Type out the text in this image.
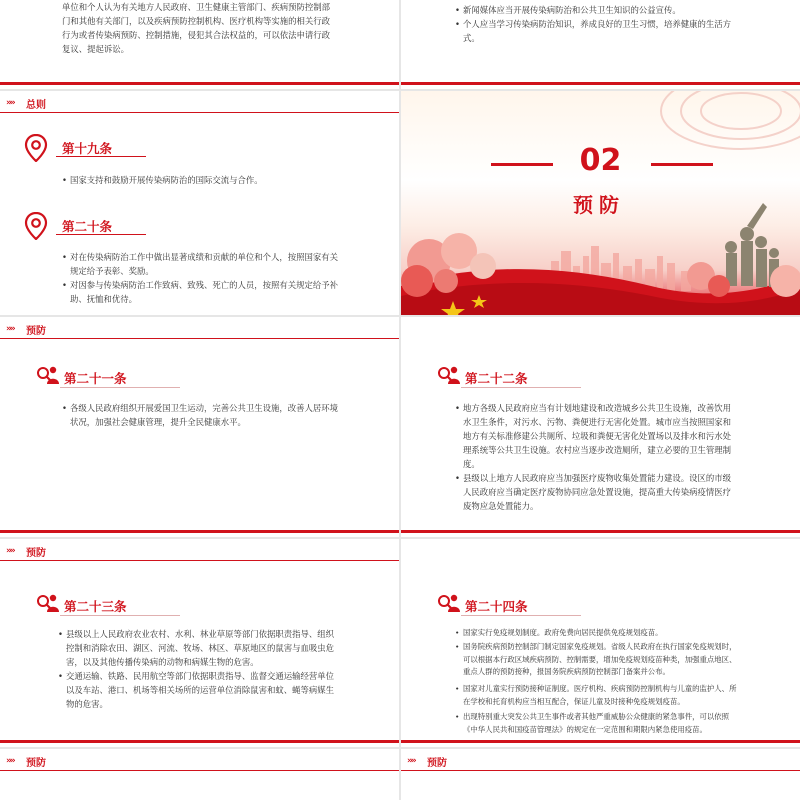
单位和个人认为有关地方人民政府、卫生健康主管部门、疾病预防控制部
门和其他有关部门，以及疾病预防控制机构、医疗机构等实施的相关行政
行为或者传染病预防、控制措施，侵犯其合法权益的，可以依法申请行政
复议、提起诉讼。
• 新闻媒体应当开展传染病防治和公共卫生知识的公益宣传。
• 个人应当学习传染病防治知识，养成良好的卫生习惯，培养健康的生活方
式。
»» 总则
第十九条
• 国家支持和鼓励开展传染病防治的国际交流与合作。
第二十条
• 对在传染病防治工作中做出显著成绩和贡献的单位和个人，按照国家有关
规定给予表彰、奖励。
• 对因参与传染病防治工作致病、致残、死亡的人员，按照有关规定给予补
助、抚恤和优待。
02
预防
»» 预防
第二十一条
• 各级人民政府组织开展爱国卫生运动，完善公共卫生设施，改善人居环境
状况，加强社会健康管理，提升全民健康水平。
第二十二条
• 地方各级人民政府应当有计划地建设和改造城乡公共卫生设施，改善饮用
水卫生条件，对污水、污物、粪便进行无害化处置。城市应当按照国家和
地方有关标准修建公共厕所、垃圾和粪便无害化处置场以及排水和污水处
理系统等公共卫生设施。农村应当逐步改造厕所，建立必要的卫生管理制
度。
• 县级以上地方人民政府应当加强医疗废物收集处置能力建设。设区的市级
人民政府应当确定医疗废物协同应急处置设施，提高重大传染病疫情医疗
废物应急处置能力。
»» 预防
第二十三条
• 县级以上人民政府农业农村、水利、林业草原等部门依据职责指导、组织
控制和消除农田、湖区、河流、牧场、林区、草原地区的鼠害与血吸虫危
害，以及其他传播传染病的动物和病媒生物的危害。
• 交通运输、铁路、民用航空等部门依据职责指导、监督交通运输经营单位
以及车站、港口、机场等相关场所的运营单位消除鼠害和蚊、蝇等病媒生
物的危害。
第二十四条
• 国家实行免疫规划制度。政府免费向居民提供免疫规划疫苗。
• 国务院疾病预防控制部门制定国家免疫规划。省级人民政府在执行国家免疫规划时，
可以根据本行政区域疾病预防、控制需要，增加免疫规划疫苗种类，加强重点地区、
重点人群的预防接种，报国务院疾病预防控制部门备案并公布。
• 国家对儿童实行预防接种证制度。医疗机构、疾病预防控制机构与儿童的监护人、所
在学校和托育机构应当相互配合，保证儿童及时接种免疫规划疫苗。
• 出现特别重大突发公共卫生事件或者其他严重威胁公众健康的紧急事件，可以依照
《中华人民共和国疫苗管理法》的规定在一定范围和期限内紧急使用疫苗。
»» 预防	»» 预防
